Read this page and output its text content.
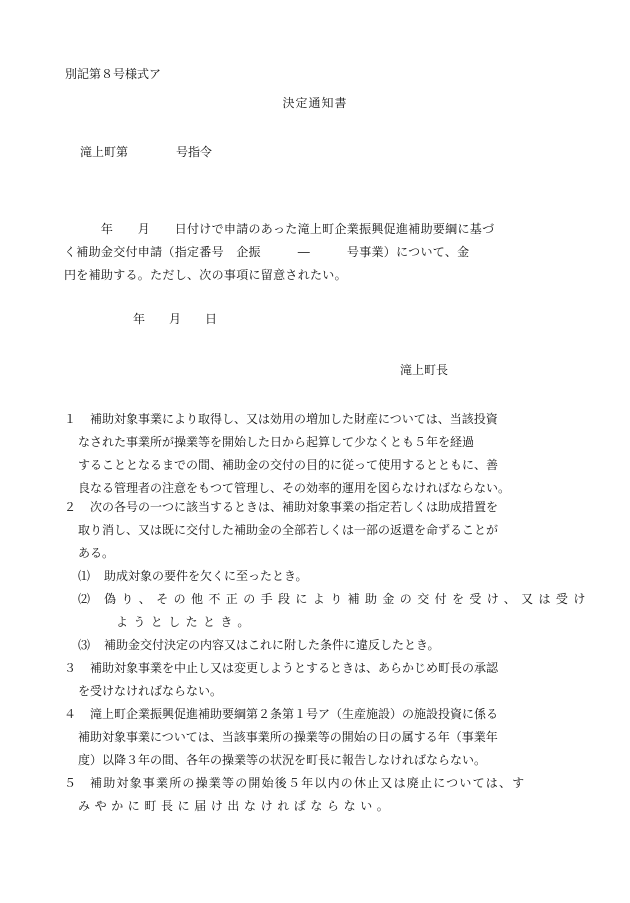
別記第８号様式ア

決定通知書

滝上町第	号指令

　　　年　　月　　日付けで申請のあった滝上町企業振興促進補助要綱に基づ
く補助金交付申請（指定番号　企振　　　―　　　号事業）について、金
円を補助する。ただし、次の事項に留意されたい。

年　　月　　日

滝上町長

１	補助対象事業により取得し、又は効用の増加した財産については、当該投資
なされた事業所が操業等を開始した日から起算して少なくとも５年を経過
することとなるまでの間、補助金の交付の目的に従って使用するとともに、善
良なる管理者の注意をもつて管理し、その効率的運用を図らなければならない。
２	次の各号の一つに該当するときは、補助対象事業の指定若しくは助成措置を
取り消し、又は既に交付した補助金の全部若しくは一部の返還を命ずることが
ある。
⑴	助成対象の要件を欠くに至ったとき。
⑵	偽り、その他不正の手段により補助金の交付を受け、又は受け
ようとしたとき。
⑶	補助金交付決定の内容又はこれに附した条件に違反したとき。
３	補助対象事業を中止し又は変更しようとするときは、あらかじめ町長の承認
を受けなければならない。
４	滝上町企業振興促進補助要綱第２条第１号ア（生産施設）の施設投資に係る
補助対象事業については、当該事業所の操業等の開始の日の属する年（事業年
度）以降３年の間、各年の操業等の状況を町長に報告しなければならない。
５	補助対象事業所の操業等の開始後５年以内の休止又は廃止については、す
みやかに町長に届け出なければならない。
